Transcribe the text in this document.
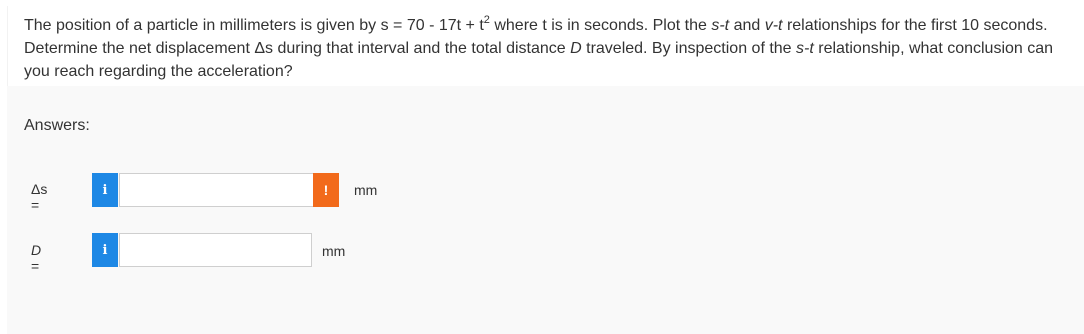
The position of a particle in millimeters is given by $s = 70 - 17t + t^2$ where t is in seconds. Plot the s-t and v-t relationships for the first 10 seconds. Determine the net displacement Δs during that interval and the total distance D traveled. By inspection of the s-t relationship, what conclusion can you reach regarding the acceleration?
Answers:
Δs =
i	!	mm
D =
i	mm
